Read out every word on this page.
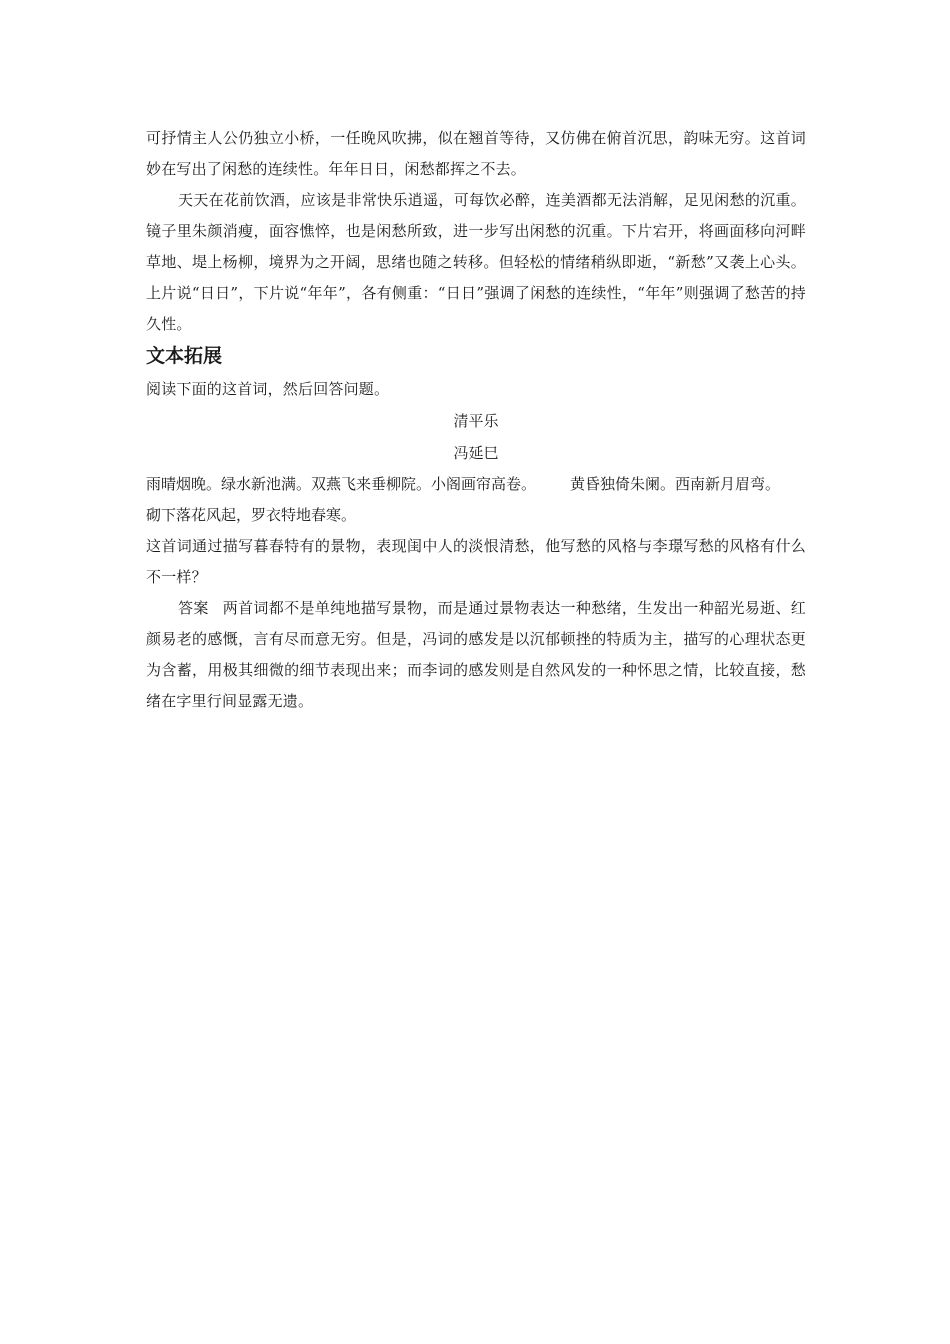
可抒情主人公仍独立小桥，一任晚风吹拂，似在翘首等待，又仿佛在俯首沉思，韵味无穷。这首词妙在写出了闲愁的连续性。年年日日，闲愁都挥之不去。

天天在花前饮酒，应该是非常快乐逍遥，可每饮必醉，连美酒都无法消解，足见闲愁的沉重。镜子里朱颜消瘦，面容憔悴，也是闲愁所致，进一步写出闲愁的沉重。下片宕开，将画面移向河畔草地、堤上杨柳，境界为之开阔，思绪也随之转移。但轻松的情绪稍纵即逝，“新愁”又袭上心头。上片说“日日”，下片说“年年”，各有侧重：“日日”强调了闲愁的连续性，“年年”则强调了愁苦的持久性。

文本拓展

阅读下面的这首词，然后回答问题。

清平乐

冯延巳

雨晴烟晚。绿水新池满。双燕飞来垂柳院。小阁画帘高卷。 黄昏独倚朱阑。西南新月眉弯。

砌下落花风起，罗衣特地春寒。

这首词通过描写暮春特有的景物，表现闺中人的淡恨清愁，他写愁的风格与李璟写愁的风格有什么不一样？

答案 两首词都不是单纯地描写景物，而是通过景物表达一种愁绪，生发出一种韶光易逝、红颜易老的感慨，言有尽而意无穷。但是，冯词的感发是以沉郁顿挫的特质为主，描写的心理状态更为含蓄，用极其细微的细节表现出来；而李词的感发则是自然风发的一种怀思之情，比较直接，愁绪在字里行间显露无遗。
